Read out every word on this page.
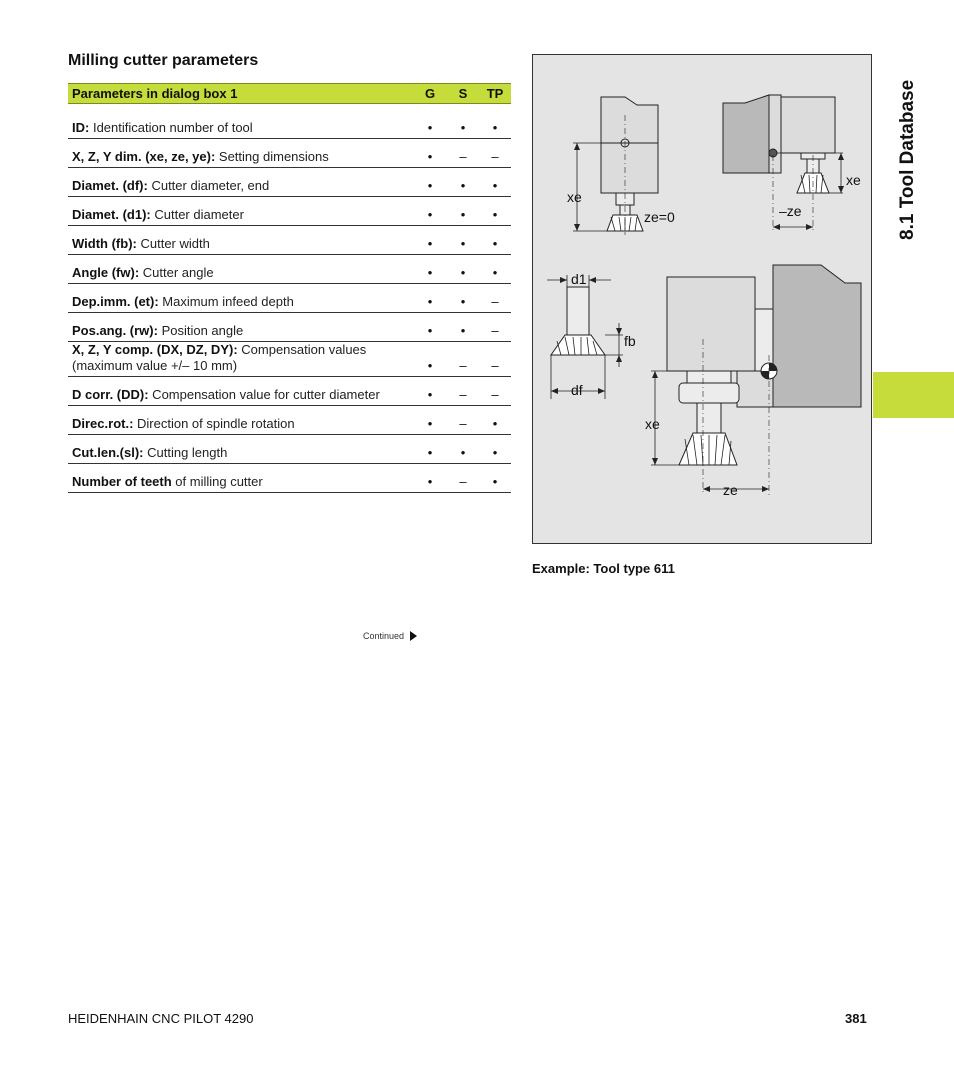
Milling cutter parameters
Parameters in dialog box 1	G	S	TP

ID: Identification number of tool	•	•	•
X, Z, Y dim. (xe, ze, ye): Setting dimensions	•	–	–
Diamet. (df): Cutter diameter, end	•	•	•
Diamet. (d1): Cutter diameter	•	•	•
Width (fb): Cutter width	•	•	•
Angle (fw): Cutter angle	•	•	•
Dep.imm. (et): Maximum infeed depth	•	•	–
Pos.ang. (rw): Position angle	•	•	–
X, Z, Y comp. (DX, DZ, DY): Compensation values
(maximum value +/– 10 mm)	•	–	–
D corr. (DD): Compensation value for cutter diameter	•	–	–
Direc.rot.: Direction of spindle rotation	•	–	•
Cut.len.(sl): Cutting length	•	•	•
Number of teeth of milling cutter	•	–	•
Continued
xe
ze=0
xe
–ze
d1
fb
df
xe
ze
Example: Tool type 611
8.1 Tool Database
HEIDENHAIN CNC PILOT 4290	381
